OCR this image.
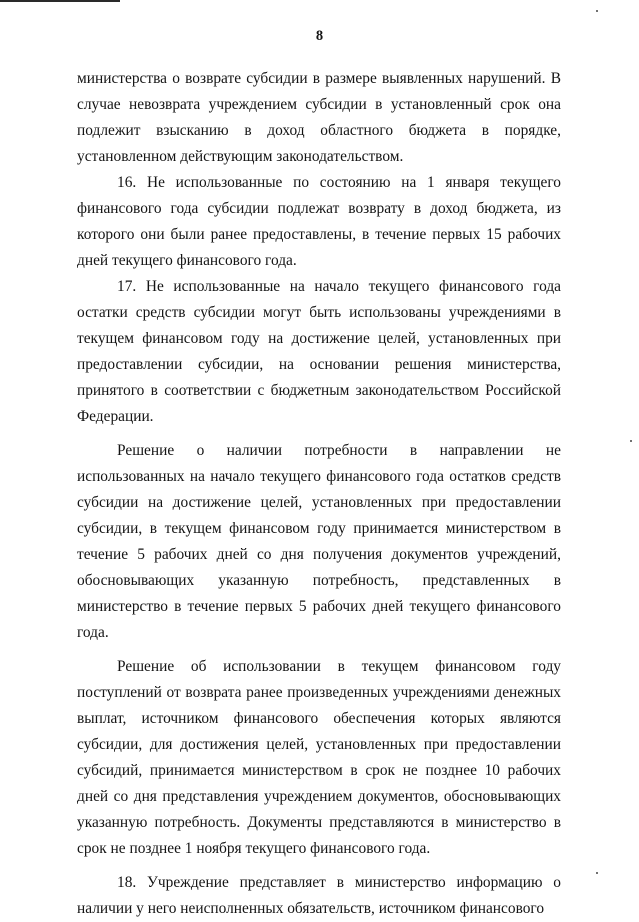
8

министерства о возврате субсидии в размере выявленных нарушений. В случае невозврата учреждением субсидии в установленный срок она подлежит взысканию в доход областного бюджета в порядке, установленном действующим законодательством.

16. Не использованные по состоянию на 1 января текущего финансового года субсидии подлежат возврату в доход бюджета, из которого они были ранее предоставлены, в течение первых 15 рабочих дней текущего финансового года.

17. Не использованные на начало текущего финансового года остатки средств субсидии могут быть использованы учреждениями в текущем финансовом году на достижение целей, установленных при предоставлении субсидии, на основании решения министерства, принятого в соответствии с бюджетным законодательством Российской Федерации.

Решение о наличии потребности в направлении не использованных на начало текущего финансового года остатков средств субсидии на достижение целей, установленных при предоставлении субсидии, в текущем финансовом году принимается министерством в течение 5 рабочих дней со дня получения документов учреждений, обосновывающих указанную потребность, представленных в министерство в течение первых 5 рабочих дней текущего финансового года.

Решение об использовании в текущем финансовом году поступлений от возврата ранее произведенных учреждениями денежных выплат, источником финансового обеспечения которых являются субсидии, для достижения целей, установленных при предоставлении субсидий, принимается министерством в срок не позднее 10 рабочих дней со дня представления учреждением документов, обосновывающих указанную потребность. Документы представляются в министерство в срок не позднее 1 ноября текущего финансового года.

18. Учреждение представляет в министерство информацию о наличии у него неисполненных обязательств, источником финансового
